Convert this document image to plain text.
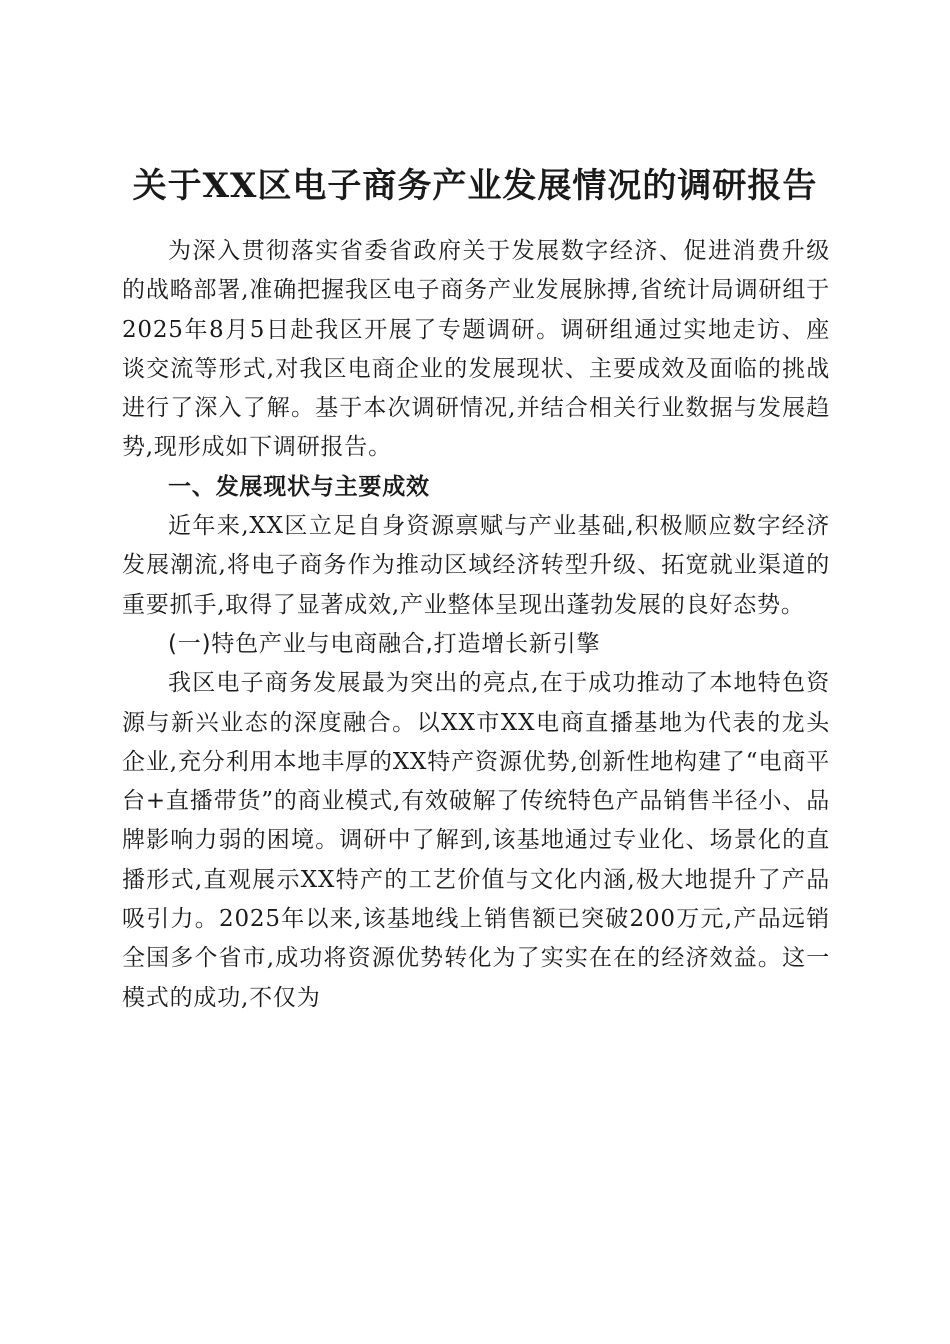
关于XX区电子商务产业发展情况的调研报告

为深入贯彻落实省委省政府关于发展数字经济、促进消费升级的战略部署,准确把握我区电子商务产业发展脉搏,省统计局调研组于2025年8月5日赴我区开展了专题调研。调研组通过实地走访、座谈交流等形式,对我区电商企业的发展现状、主要成效及面临的挑战进行了深入了解。基于本次调研情况,并结合相关行业数据与发展趋势,现形成如下调研报告。

一、发展现状与主要成效

近年来,XX区立足自身资源禀赋与产业基础,积极顺应数字经济发展潮流,将电子商务作为推动区域经济转型升级、拓宽就业渠道的重要抓手,取得了显著成效,产业整体呈现出蓬勃发展的良好态势。

(一)特色产业与电商融合,打造增长新引擎

我区电子商务发展最为突出的亮点,在于成功推动了本地特色资源与新兴业态的深度融合。以XX市XX电商直播基地为代表的龙头企业,充分利用本地丰厚的XX特产资源优势,创新性地构建了“电商平台+直播带货”的商业模式,有效破解了传统特色产品销售半径小、品牌影响力弱的困境。调研中了解到,该基地通过专业化、场景化的直播形式,直观展示XX特产的工艺价值与文化内涵,极大地提升了产品吸引力。2025年以来,该基地线上销售额已突破200万元,产品远销全国多个省市,成功将资源优势转化为了实实在在的经济效益。这一模式的成功,不仅为
